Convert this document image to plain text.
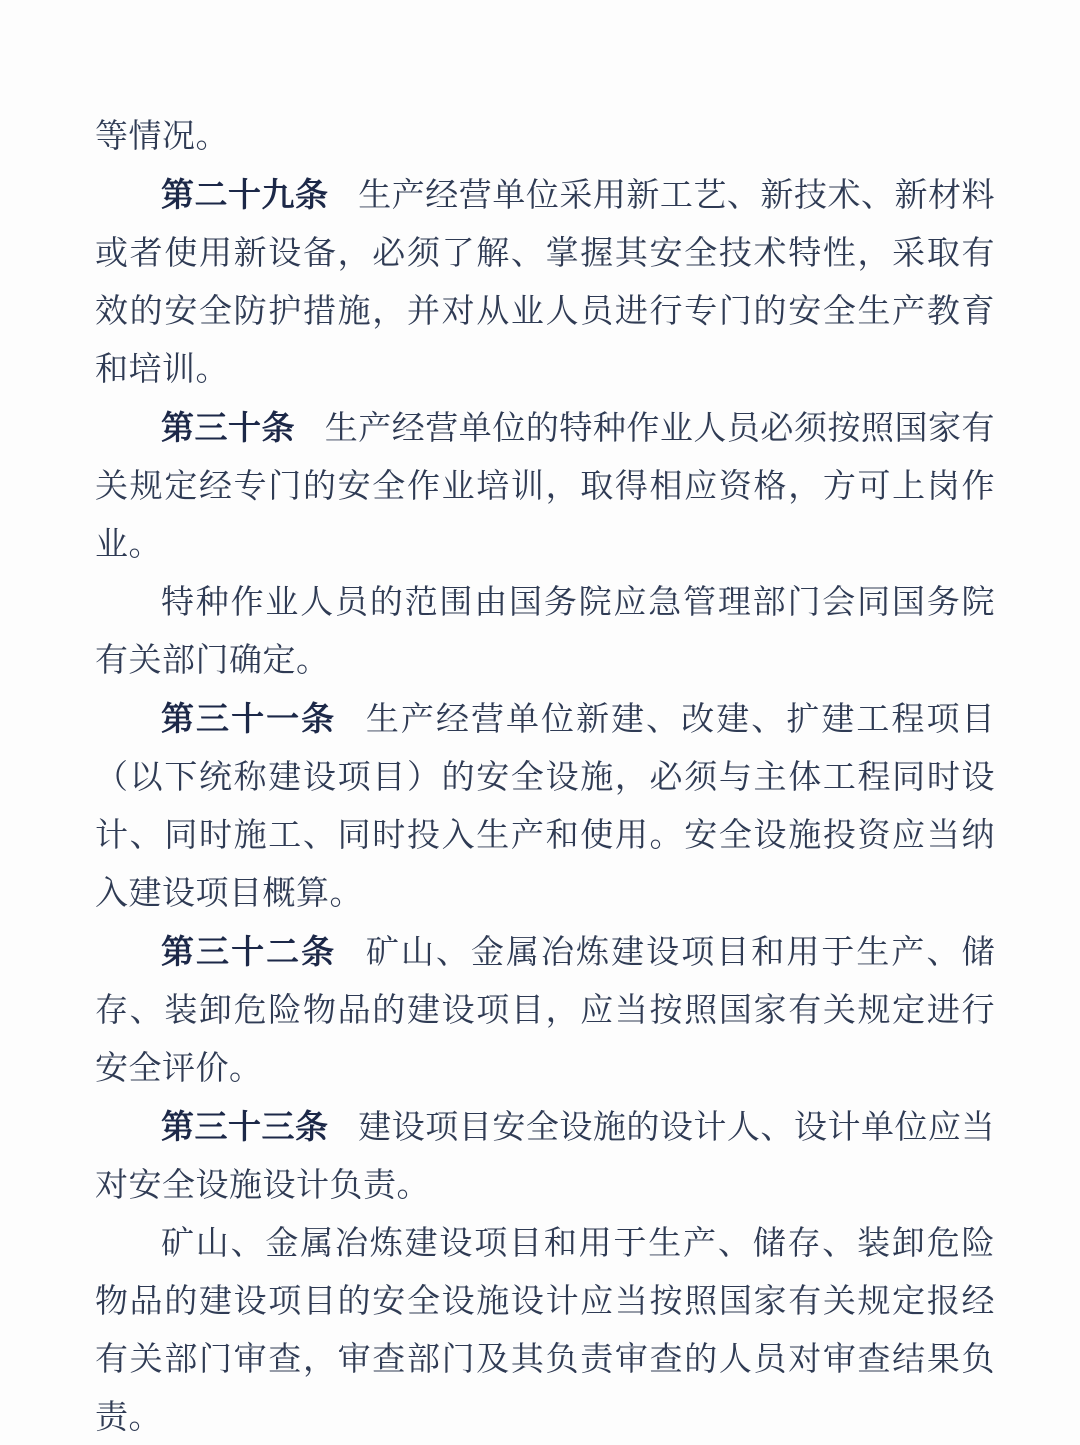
等情况。

第二十九条 生产经营单位采用新工艺、新技术、新材料或者使用新设备，必须了解、掌握其安全技术特性，采取有效的安全防护措施，并对从业人员进行专门的安全生产教育和培训。

第三十条 生产经营单位的特种作业人员必须按照国家有关规定经专门的安全作业培训，取得相应资格，方可上岗作业。

特种作业人员的范围由国务院应急管理部门会同国务院有关部门确定。

第三十一条 生产经营单位新建、改建、扩建工程项目（以下统称建设项目）的安全设施，必须与主体工程同时设计、同时施工、同时投入生产和使用。安全设施投资应当纳入建设项目概算。

第三十二条 矿山、金属冶炼建设项目和用于生产、储存、装卸危险物品的建设项目，应当按照国家有关规定进行安全评价。

第三十三条 建设项目安全设施的设计人、设计单位应当对安全设施设计负责。

矿山、金属冶炼建设项目和用于生产、储存、装卸危险物品的建设项目的安全设施设计应当按照国家有关规定报经有关部门审查，审查部门及其负责审查的人员对审查结果负责。
